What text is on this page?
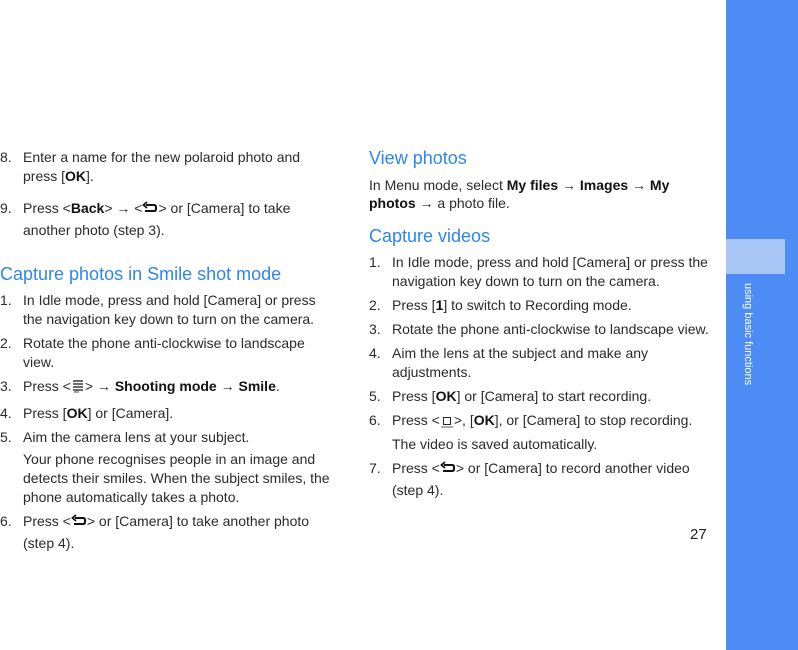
using basic functions
8. Enter a name for the new polaroid photo and press [OK].
9. Press <Back> → < > or [Camera] to take another photo (step 3).
Capture photos in Smile shot mode
1. In Idle mode, press and hold [Camera] or press the navigation key down to turn on the camera.
2. Rotate the phone anti-clockwise to landscape view.
3. Press < > → Shooting mode → Smile.
4. Press [OK] or [Camera].
5. Aim the camera lens at your subject.
Your phone recognises people in an image and detects their smiles. When the subject smiles, the phone automatically takes a photo.
6. Press < > or [Camera] to take another photo (step 4).
View photos
In Menu mode, select My files → Images → My photos → a photo file.
Capture videos
1. In Idle mode, press and hold [Camera] or press the navigation key down to turn on the camera.
2. Press [1] to switch to Recording mode.
3. Rotate the phone anti-clockwise to landscape view.
4. Aim the lens at the subject and make any adjustments.
5. Press [OK] or [Camera] to start recording.
6. Press < >, [OK], or [Camera] to stop recording.
The video is saved automatically.
7. Press < > or [Camera] to record another video (step 4).
27
